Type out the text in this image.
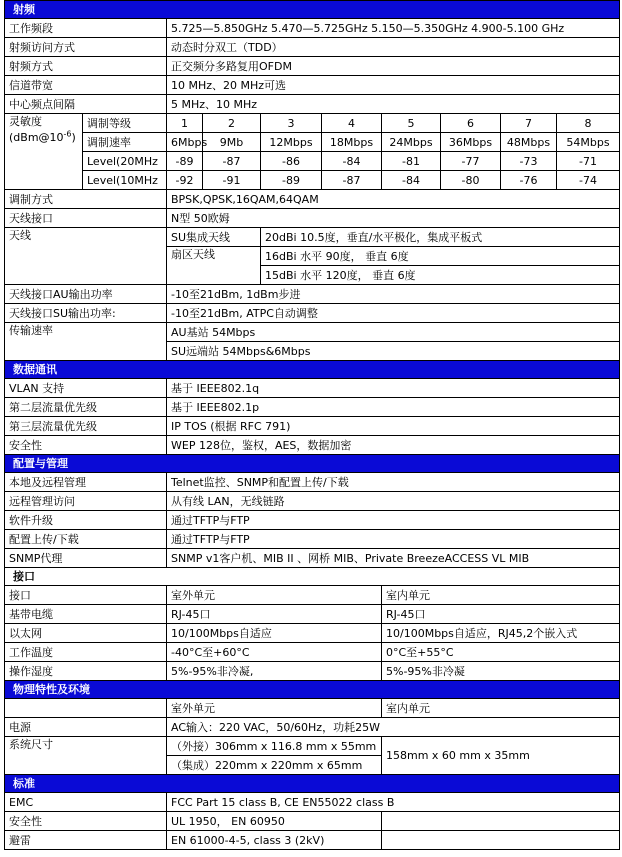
射频									
工作频段		5.725—5.850GHz 5.470—5.725GHz 5.150—5.350GHz 4.900-5.100 GHz							
射频访问方式		动态时分双工（TDD）							
射频方式		正交频分多路复用OFDM							
信道带宽		10 MHz、20 MHz可选							
中心频点间隔		5 MHz、10 MHz							

灵敏度
$(dBm@10^{-6})$	调制等级	1	2	3	4	5	6	7	8
	调制速率	6Mbps	9Mb	12Mbps	18Mbps	24Mbps	36Mbps	48Mbps	54Mbps
	Level(20MHz	-89	-87	-86	-84	-81	-77	-73	-71
	Level(10MHz	-92	-91	-89	-87	-84	-80	-76	-74
调制方式		BPSK,QPSK,16QAM,64QAM							
天线接口		N型 50欧姆							
天线		SU集成天线		20dBi 10.5度，垂直/水平极化，集成平板式					
		扇区天线		16dBi 水平 90度， 垂直 6度					
				15dBi 水平 120度， 垂直 6度					
天线接口AU输出功率		-10至21dBm, 1dBm步进							
天线接口SU输出功率:		-10至21dBm, ATPC自动调整							
传输速率		AU基站 54Mbps							
		SU远端站 54Mbps&6Mbps							
数据通讯									
VLAN 支持		基于 IEEE802.1q							
第二层流量优先级		基于 IEEE802.1p							
第三层流量优先级		IP TOS (根据 RFC 791)							
安全性		WEP 128位，鉴权，AES，数据加密							
配置与管理									
本地及远程管理		Telnet监控、SNMP和配置上传/下载							
远程管理访问		从有线 LAN，无线链路							
软件升级		通过TFTP与FTP							
配置上传/下载		通过TFTP与FTP							
SNMP代理		SNMP v1客户机、MIB II 、网桥 MIB、Private BreezeACCESS VL MIB							
接口									
接口		室外单元				室内单元			
基带电缆		RJ-45口				RJ-45口			
以太网		10/100Mbps自适应				10/100Mbps自适应，RJ45,2个嵌入式			
工作温度		-40°C至+60°C				0°C至+55°C			
操作湿度		5%-95%非冷凝,				5%-95%非冷凝			
物理特性及环境									
		室外单元				室内单元			
电源		AC输入：220 VAC，50/60Hz，功耗25W							
系统尺寸		（外接）306mm x 116.8 mm x 55mm				158mm x 60 mm x 35mm			
		（集成）220mm x 220mm x 65mm							
标准									
EMC		FCC Part 15 class B, CE EN55022 class B							
安全性		UL 1950， EN 60950							
避雷		EN 61000-4-5, class 3 (2kV)							
